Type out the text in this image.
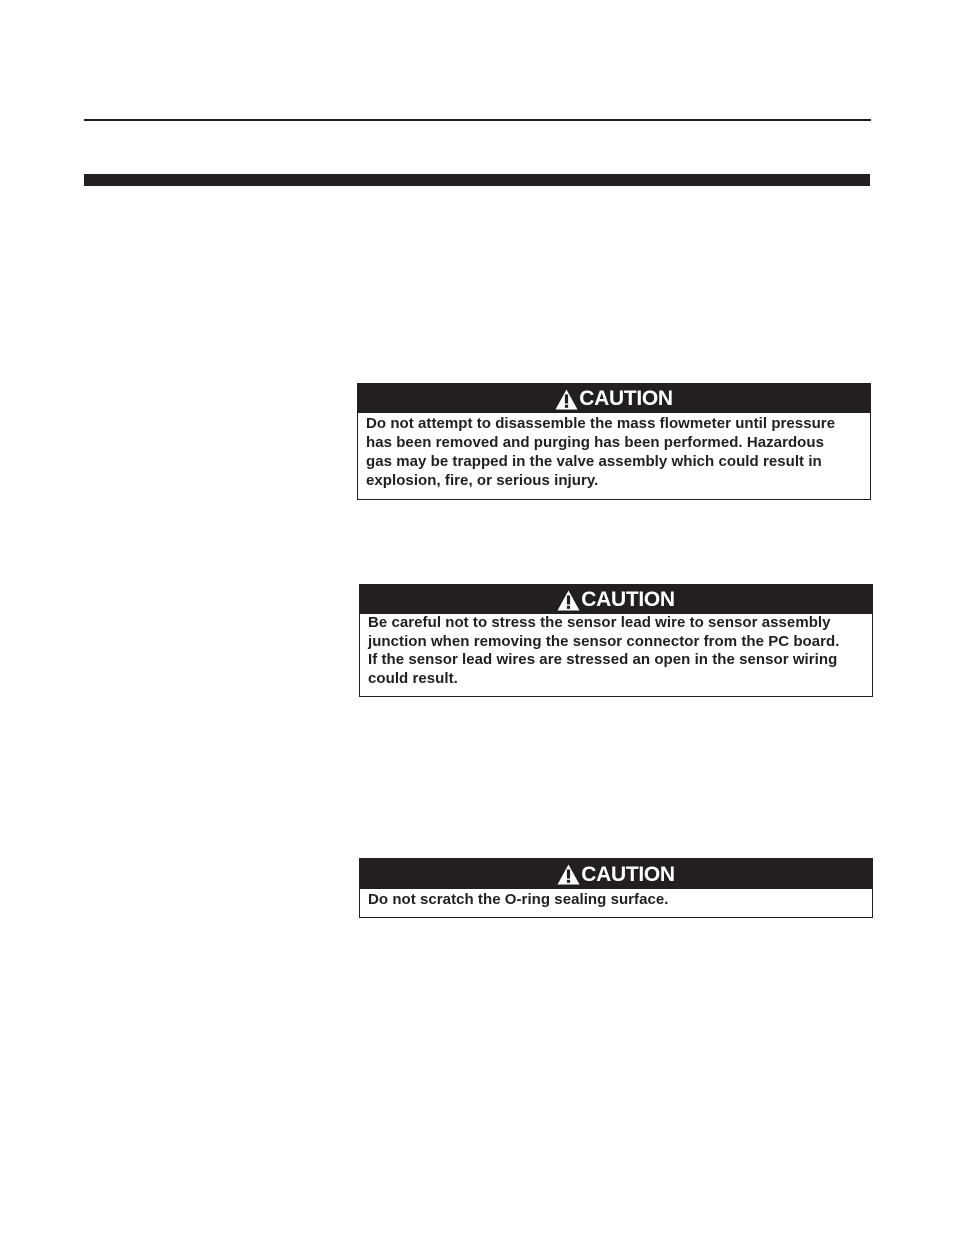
CAUTION
Do not attempt to disassemble the mass flowmeter until pressure
has been removed and purging has been performed. Hazardous
gas may be trapped in the valve assembly which could result in
explosion, fire, or serious injury.
CAUTION
Be careful not to stress the sensor lead wire to sensor assembly
junction when removing the sensor connector from the PC board.
If the sensor lead wires are stressed an open in the sensor wiring
could result.
CAUTION
Do not scratch the O-ring sealing surface.
